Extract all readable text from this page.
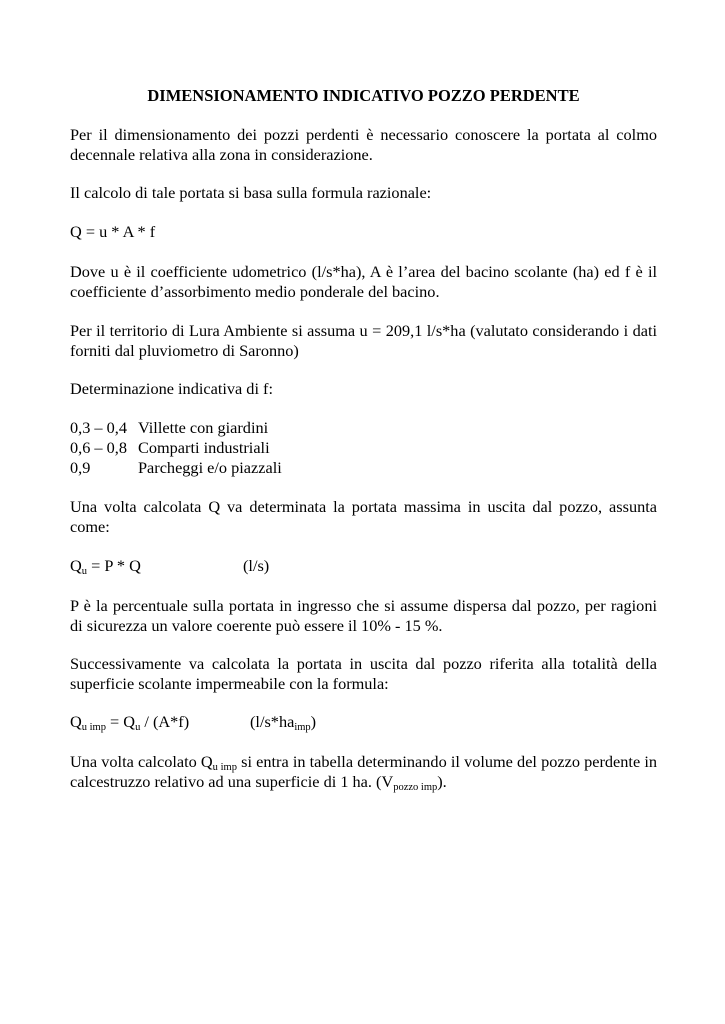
DIMENSIONAMENTO INDICATIVO POZZO PERDENTE

Per il dimensionamento dei pozzi perdenti è necessario conoscere la portata al colmo decennale relativa alla zona in considerazione.

Il calcolo di tale portata si basa sulla formula razionale:

Q = u * A * f

Dove u è il coefficiente udometrico (l/s*ha), A è l’area del bacino scolante (ha) ed f è il coefficiente d’assorbimento medio ponderale del bacino.

Per il territorio di Lura Ambiente si assuma u = 209,1 l/s*ha (valutato considerando i dati forniti dal pluviometro di Saronno)

Determinazione indicativa di f:

0,3 – 0,4 Villette con giardini
0,6 – 0,8 Comparti industriali
0,9	Parcheggi e/o piazzali

Una volta calcolata Q va determinata la portata massima in uscita dal pozzo, assunta come:

$Q_u = P * Q$	(l/s)

P è la percentuale sulla portata in ingresso che si assume dispersa dal pozzo, per ragioni di sicurezza un valore coerente può essere il 10% - 15 %.

Successivamente va calcolata la portata in uscita dal pozzo riferita alla totalità della superficie scolante impermeabile con la formula:

$Q_{u imp} = Q_u / (A*f)$	$(l/s*ha_{imp})$

Una volta calcolato $Q_{u imp}$ si entra in tabella determinando il volume del pozzo perdente in calcestruzzo relativo ad una superficie di 1 ha. $(V_{pozzo imp})$.
